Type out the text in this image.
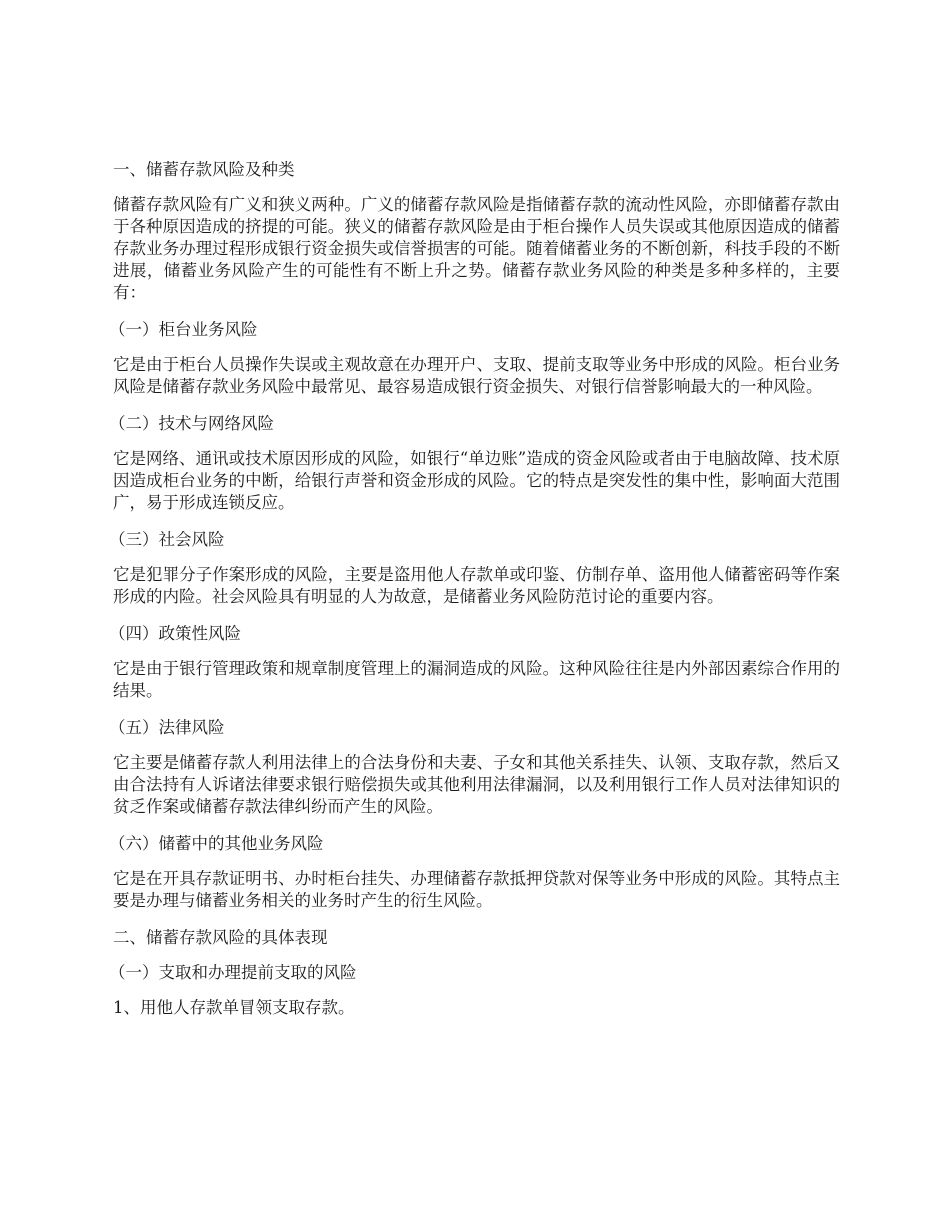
一、储蓄存款风险及种类

储蓄存款风险有广义和狭义两种。广义的储蓄存款风险是指储蓄存款的流动性风险，亦即储蓄存款由于各种原因造成的挤提的可能。狭义的储蓄存款风险是由于柜台操作人员失误或其他原因造成的储蓄存款业务办理过程形成银行资金损失或信誉损害的可能。随着储蓄业务的不断创新，科技手段的不断进展，储蓄业务风险产生的可能性有不断上升之势。储蓄存款业务风险的种类是多种多样的，主要有：

（一）柜台业务风险

它是由于柜台人员操作失误或主观故意在办理开户、支取、提前支取等业务中形成的风险。柜台业务风险是储蓄存款业务风险中最常见、最容易造成银行资金损失、对银行信誉影响最大的一种风险。

（二）技术与网络风险

它是网络、通讯或技术原因形成的风险，如银行“单边账”造成的资金风险或者由于电脑故障、技术原因造成柜台业务的中断，给银行声誉和资金形成的风险。它的特点是突发性的集中性，影响面大范围广，易于形成连锁反应。

（三）社会风险

它是犯罪分子作案形成的风险，主要是盗用他人存款单或印鉴、仿制存单、盗用他人储蓄密码等作案形成的内险。社会风险具有明显的人为故意，是储蓄业务风险防范讨论的重要内容。

（四）政策性风险

它是由于银行管理政策和规章制度管理上的漏洞造成的风险。这种风险往往是内外部因素综合作用的结果。

（五）法律风险

它主要是储蓄存款人利用法律上的合法身份和夫妻、子女和其他关系挂失、认领、支取存款，然后又由合法持有人诉诸法律要求银行赔偿损失或其他利用法律漏洞，以及利用银行工作人员对法律知识的贫乏作案或储蓄存款法律纠纷而产生的风险。

（六）储蓄中的其他业务风险

它是在开具存款证明书、办时柜台挂失、办理储蓄存款抵押贷款对保等业务中形成的风险。其特点主要是办理与储蓄业务相关的业务时产生的衍生风险。

二、储蓄存款风险的具体表现

（一）支取和办理提前支取的风险

1、用他人存款单冒领支取存款。
